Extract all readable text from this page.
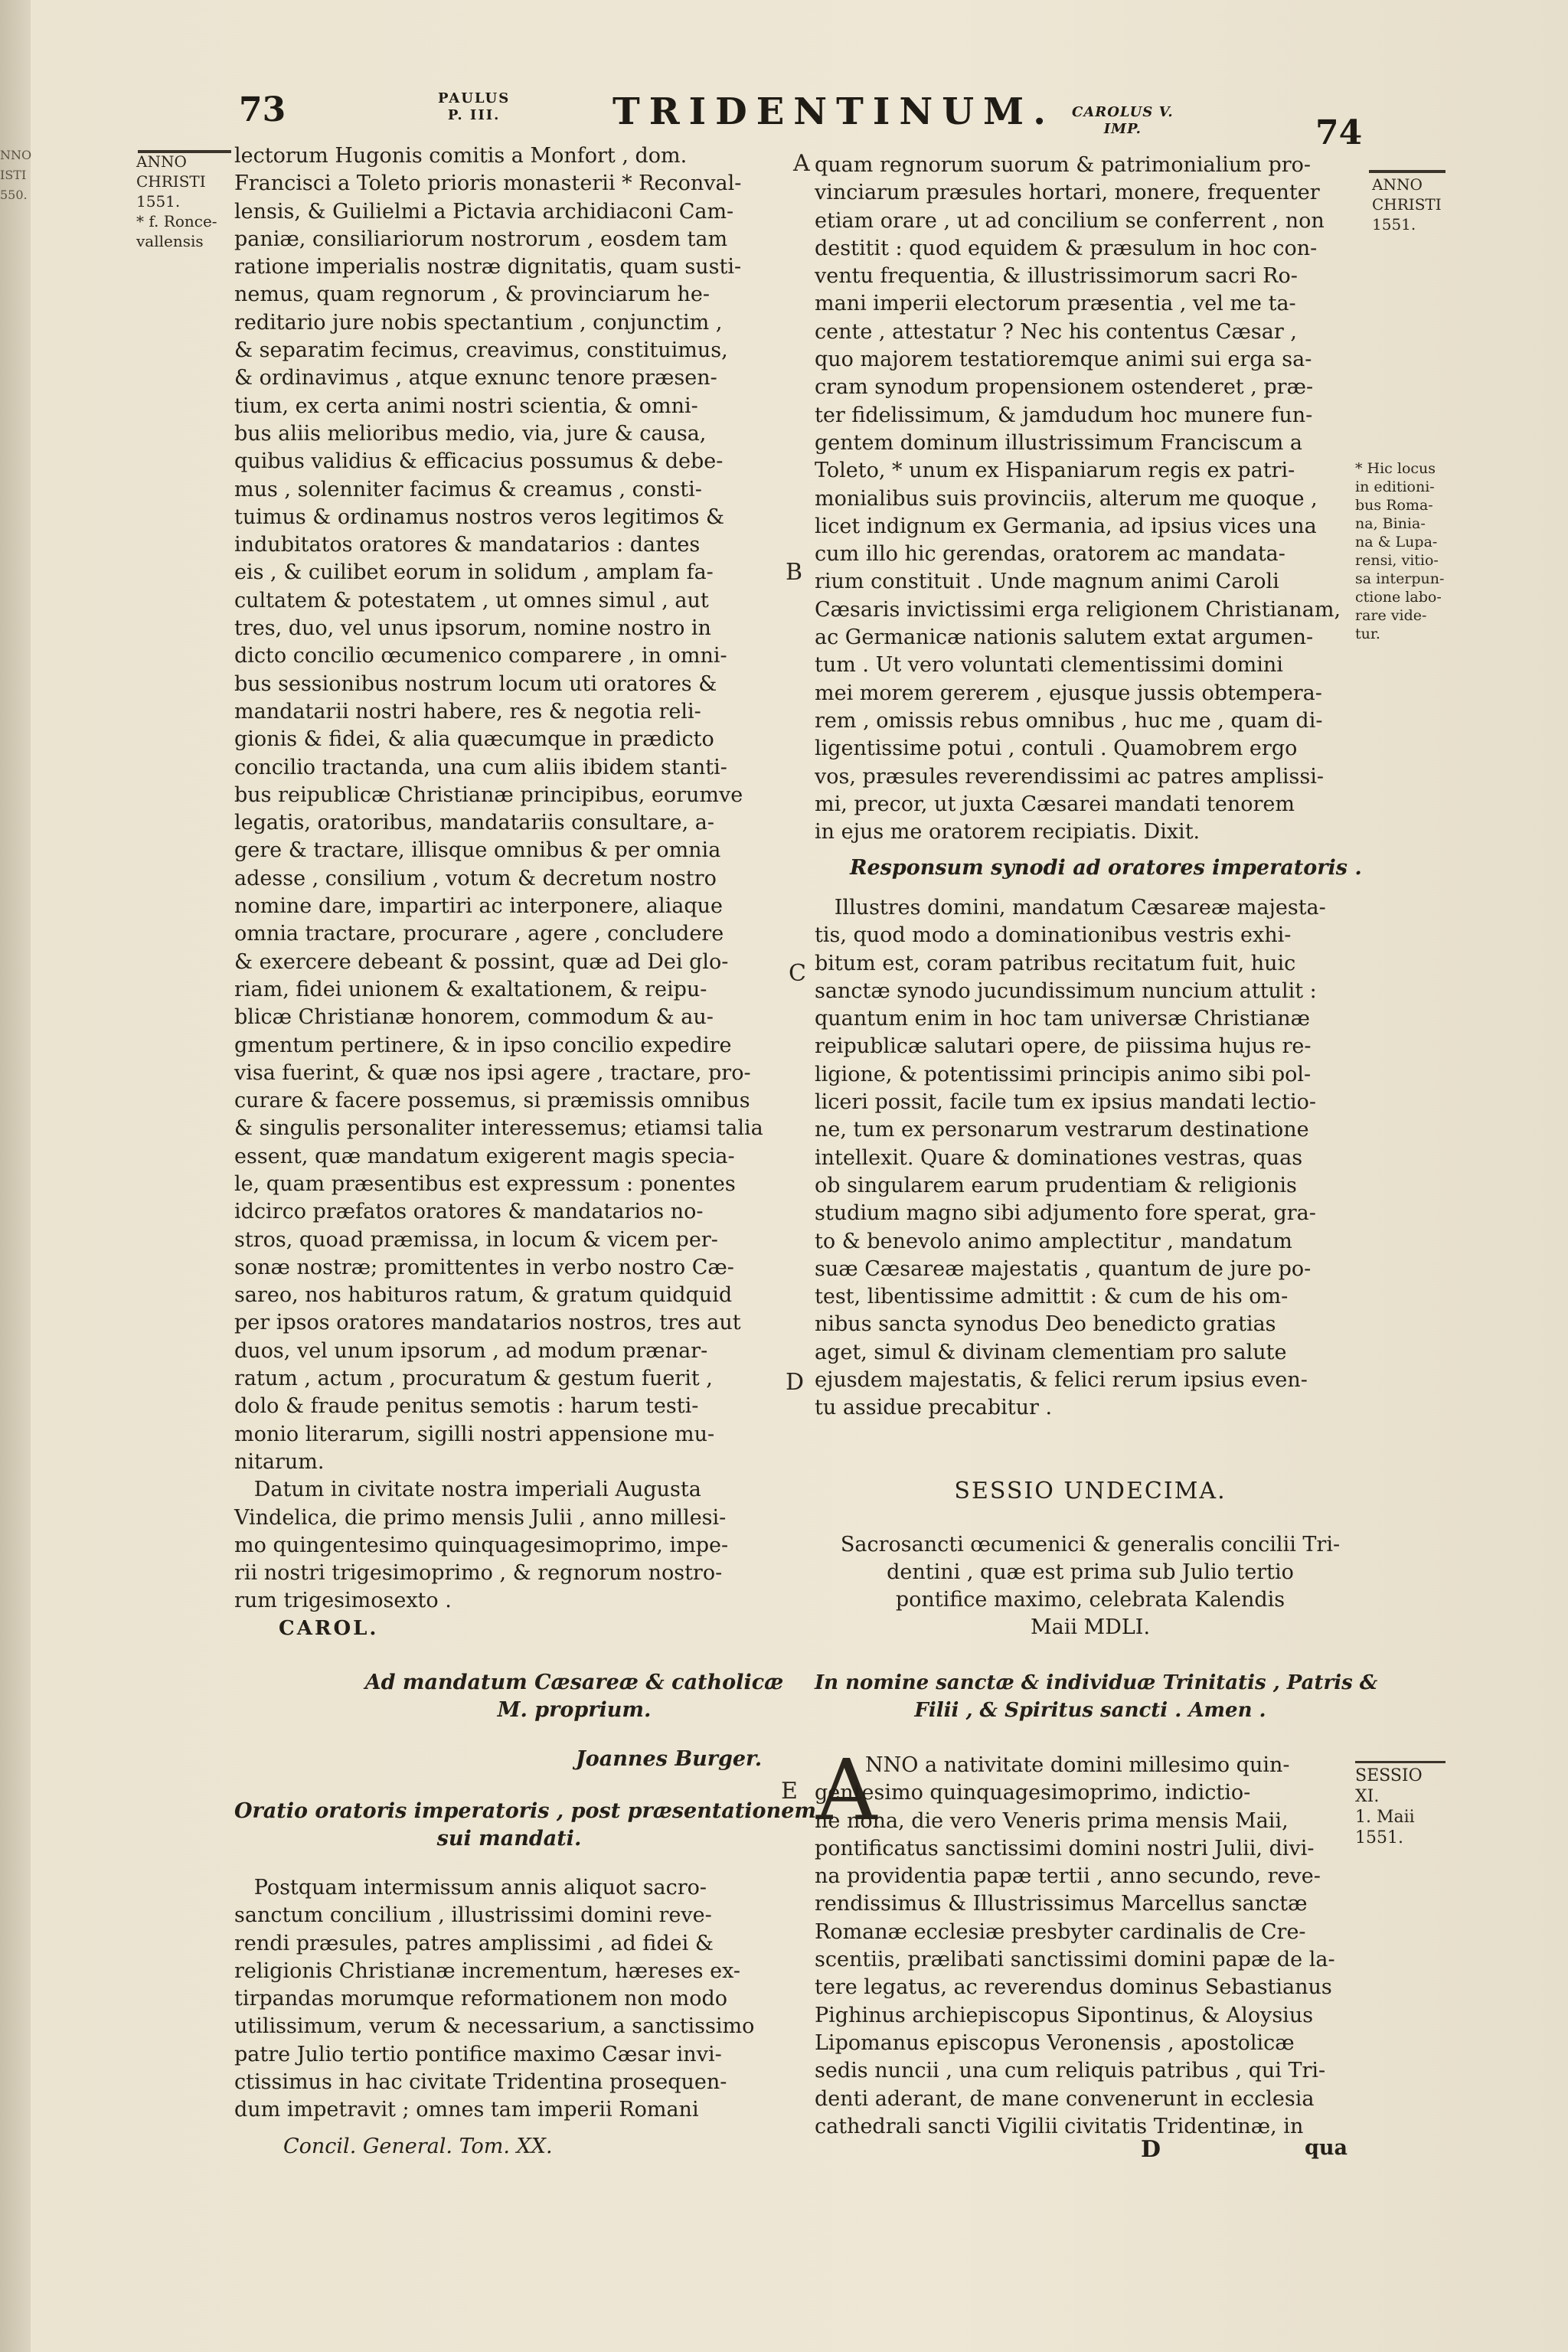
NNO
ISTI
550.
73	PAULUS
P. III.	TRIDENTINUM. CAROLUS V.
IMP.	74
ANNO
CHRISTI
1551.
* f. Ronce-
vallensis
ANNO
CHRISTI
1551.
* Hic locus
in editioni-
bus Roma-
na, Binia-
na & Lupa-
rensi, vitio-
sa interpun-
ctione labo-
rare vide-
tur.
SESSIO
XI.
1. Maii
1551.
A
B
C
D
E
lectorum Hugonis comitis a Monfort , dom.
Francisci a Toleto prioris monasterii * Reconval-
lensis, & Guilielmi a Pictavia archidiaconi Cam-
paniæ, consiliariorum nostrorum , eosdem tam
ratione imperialis nostræ dignitatis, quam susti-
nemus, quam regnorum , & provinciarum he-
reditario jure nobis spectantium , conjunctim ,
& separatim fecimus, creavimus, constituimus,
& ordinavimus , atque exnunc tenore præsen-
tium, ex certa animi nostri scientia, & omni-
bus aliis melioribus medio, via, jure & causa,
quibus validius & efficacius possumus & debe-
mus , solenniter facimus & creamus , consti-
tuimus & ordinamus nostros veros legitimos &
indubitatos oratores & mandatarios : dantes
eis , & cuilibet eorum in solidum , amplam fa-
cultatem & potestatem , ut omnes simul , aut
tres, duo, vel unus ipsorum, nomine nostro in
dicto concilio œcumenico comparere , in omni-
bus sessionibus nostrum locum uti oratores &
mandatarii nostri habere, res & negotia reli-
gionis & fidei, & alia quæcumque in prædicto
concilio tractanda, una cum aliis ibidem stanti-
bus reipublicæ Christianæ principibus, eorumve
legatis, oratoribus, mandatariis consultare, a-
gere & tractare, illisque omnibus & per omnia
adesse , consilium , votum & decretum nostro
nomine dare, impartiri ac interponere, aliaque
omnia tractare, procurare , agere , concludere
& exercere debeant & possint, quæ ad Dei glo-
riam, fidei unionem & exaltationem, & reipu-
blicæ Christianæ honorem, commodum & au-
gmentum pertinere, & in ipso concilio expedire
visa fuerint, & quæ nos ipsi agere , tractare, pro-
curare & facere possemus, si præmissis omnibus
& singulis personaliter interessemus; etiamsi talia
essent, quæ mandatum exigerent magis specia-
le, quam præsentibus est expressum : ponentes
idcirco præfatos oratores & mandatarios no-
stros, quoad præmissa, in locum & vicem per-
sonæ nostræ; promittentes in verbo nostro Cæ-
sareo, nos habituros ratum, & gratum quidquid
per ipsos oratores mandatarios nostros, tres aut
duos, vel unum ipsorum , ad modum prænar-
ratum , actum , procuratum & gestum fuerit ,
dolo & fraude penitus semotis : harum testi-
monio literarum, sigilli nostri appensione mu-
nitarum.
Datum in civitate nostra imperiali Augusta
Vindelica, die primo mensis Julii , anno millesi-
mo quingentesimo quinquagesimoprimo, impe-
rii nostri trigesimoprimo , & regnorum nostro-
rum trigesimosexto .
CAROL.
Ad mandatum Cæsareæ & catholicæ
M. proprium.
Joannes Burger.
Oratio oratoris imperatoris , post præsentationem
sui mandati.
Postquam intermissum annis aliquot sacro-
sanctum concilium , illustrissimi domini reve-
rendi præsules, patres amplissimi , ad fidei &
religionis Christianæ incrementum, hæreses ex-
tirpandas morumque reformationem non modo
utilissimum, verum & necessarium, a sanctissimo
patre Julio tertio pontifice maximo Cæsar invi-
ctissimus in hac civitate Tridentina prosequen-
dum impetravit ; omnes tam imperii Romani
Concil. General. Tom. XX.
quam regnorum suorum & patrimonialium pro-
vinciarum præsules hortari, monere, frequenter
etiam orare , ut ad concilium se conferrent , non
destitit : quod equidem & præsulum in hoc con-
ventu frequentia, & illustrissimorum sacri Ro-
mani imperii electorum præsentia , vel me ta-
cente , attestatur ? Nec his contentus Cæsar ,
quo majorem testatioremque animi sui erga sa-
cram synodum propensionem ostenderet , præ-
ter fidelissimum, & jamdudum hoc munere fun-
gentem dominum illustrissimum Franciscum a
Toleto, * unum ex Hispaniarum regis ex patri-
monialibus suis provinciis, alterum me quoque ,
licet indignum ex Germania, ad ipsius vices una
cum illo hic gerendas, oratorem ac mandata-
rium constituit . Unde magnum animi Caroli
Cæsaris invictissimi erga religionem Christianam,
ac Germanicæ nationis salutem extat argumen-
tum . Ut vero voluntati clementissimi domini
mei morem gererem , ejusque jussis obtempera-
rem , omissis rebus omnibus , huc me , quam di-
ligentissime potui , contuli . Quamobrem ergo
vos, præsules reverendissimi ac patres amplissi-
mi, precor, ut juxta Cæsarei mandati tenorem
in ejus me oratorem recipiatis. Dixit.
Responsum synodi ad oratores imperatoris .
Illustres domini, mandatum Cæsareæ majesta-
tis, quod modo a dominationibus vestris exhi-
bitum est, coram patribus recitatum fuit, huic
sanctæ synodo jucundissimum nuncium attulit :
quantum enim in hoc tam universæ Christianæ
reipublicæ salutari opere, de piissima hujus re-
ligione, & potentissimi principis animo sibi pol-
liceri possit, facile tum ex ipsius mandati lectio-
ne, tum ex personarum vestrarum destinatione
intellexit. Quare & dominationes vestras, quas
ob singularem earum prudentiam & religionis
studium magno sibi adjumento fore sperat, gra-
to & benevolo animo amplectitur , mandatum
suæ Cæsareæ majestatis , quantum de jure po-
test, libentissime admittit : & cum de his om-
nibus sancta synodus Deo benedicto gratias
aget, simul & divinam clementiam pro salute
ejusdem majestatis, & felici rerum ipsius even-
tu assidue precabitur .
SESSIO UNDECIMA.
Sacrosancti œcumenici & generalis concilii Tri-
dentini , quæ est prima sub Julio tertio
pontifice maximo, celebrata Kalendis
Maii MDLI.
In nomine sanctæ & individuæ Trinitatis , Patris &
Filii , & Spiritus sancti . Amen .
A
NNO a nativitate domini millesimo quin-
gentesimo quinquagesimoprimo, indictio-
ne nona, die vero Veneris prima mensis Maii,
pontificatus sanctissimi domini nostri Julii, divi-
na providentia papæ tertii , anno secundo, reve-
rendissimus & Illustrissimus Marcellus sanctæ
Romanæ ecclesiæ presbyter cardinalis de Cre-
scentiis, prælibati sanctissimi domini papæ de la-
tere legatus, ac reverendus dominus Sebastianus
Pighinus archiepiscopus Sipontinus, & Aloysius
Lipomanus episcopus Veronensis , apostolicæ
sedis nuncii , una cum reliquis patribus , qui Tri-
denti aderant, de mane convenerunt in ecclesia
cathedrali sancti Vigilii civitatis Tridentinæ, in
D	qua
